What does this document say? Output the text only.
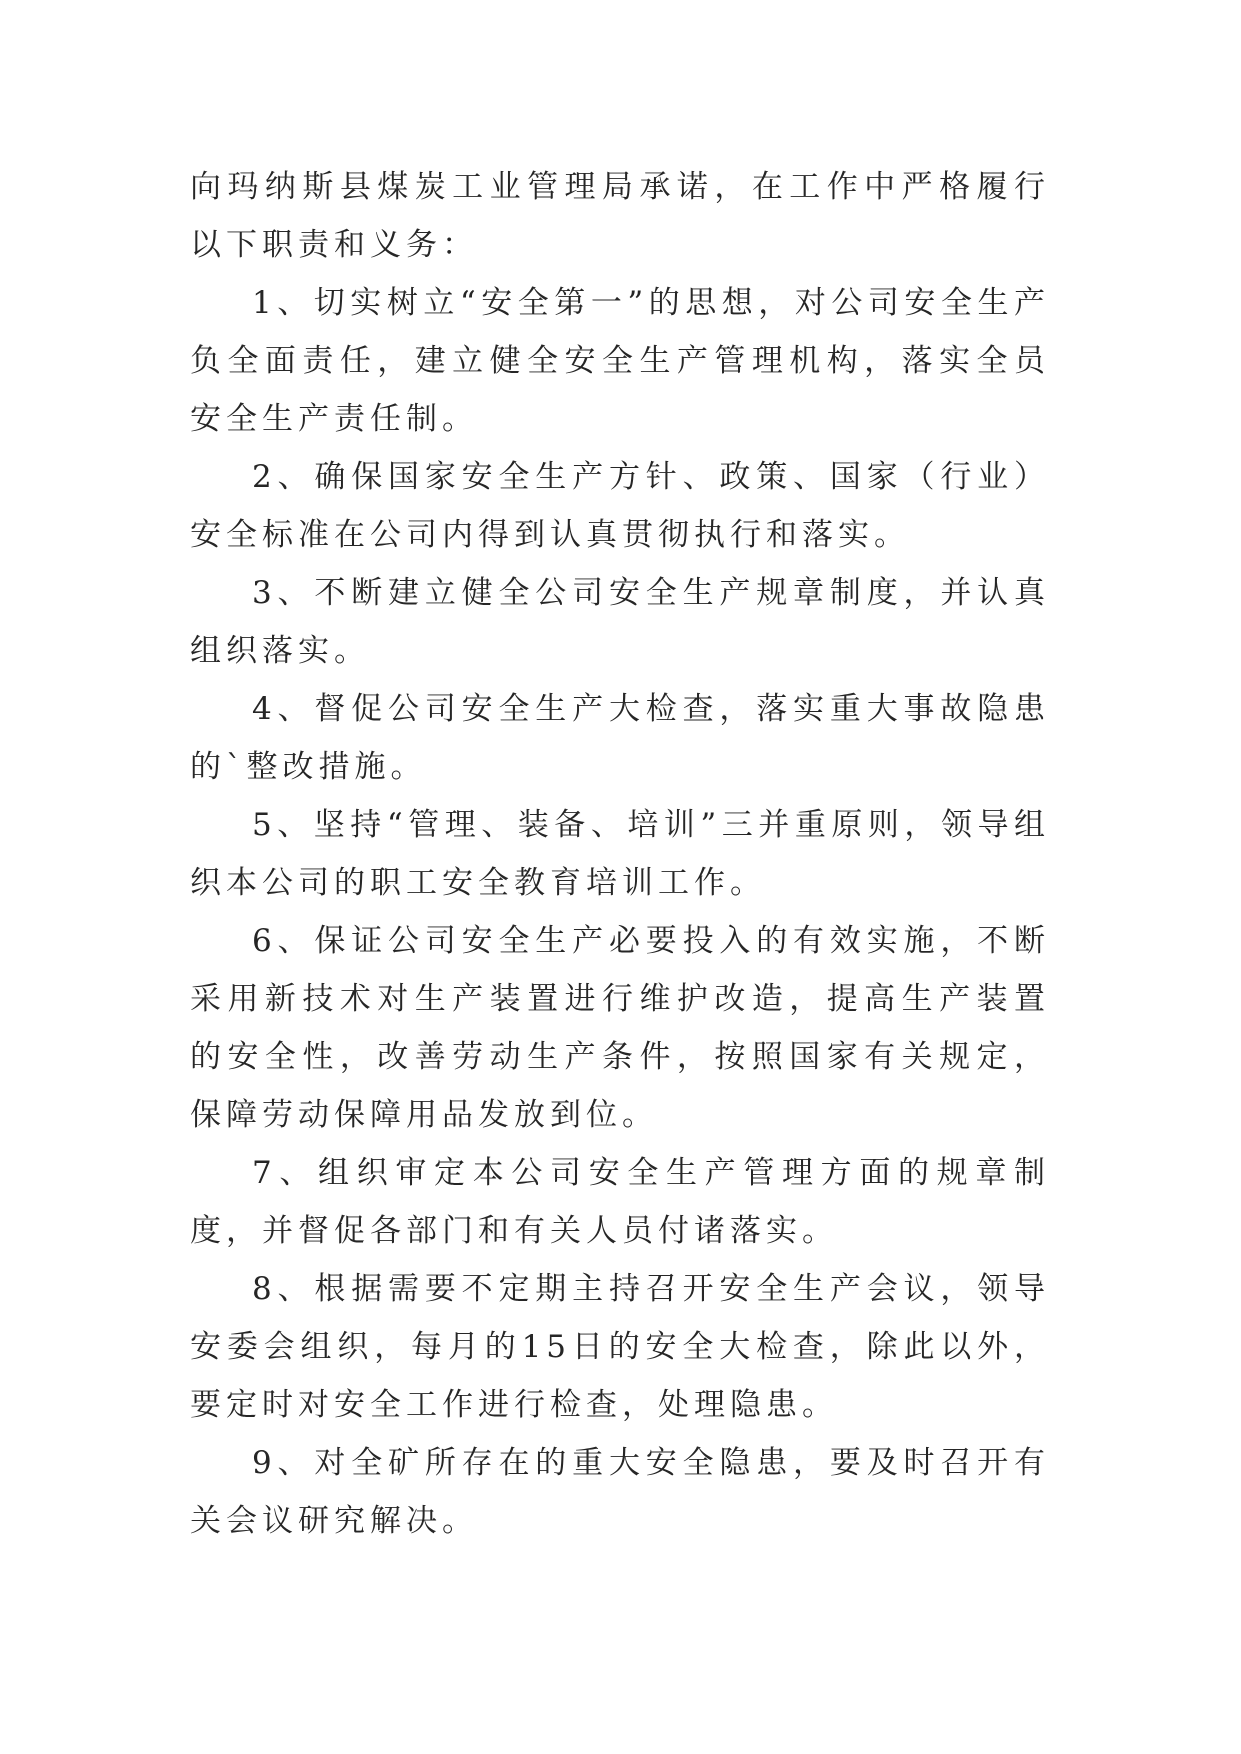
向玛纳斯县煤炭工业管理局承诺，在工作中严格履行以下职责和义务：

1、切实树立“安全第一”的思想，对公司安全生产负全面责任，建立健全安全生产管理机构，落实全员安全生产责任制。

2、确保国家安全生产方针、政策、国家（行业）安全标准在公司内得到认真贯彻执行和落实。

3、不断建立健全公司安全生产规章制度，并认真组织落实。

4、督促公司安全生产大检查，落实重大事故隐患的`整改措施。

5、坚持“管理、装备、培训”三并重原则，领导组织本公司的职工安全教育培训工作。

6、保证公司安全生产必要投入的有效实施，不断采用新技术对生产装置进行维护改造，提高生产装置的安全性，改善劳动生产条件，按照国家有关规定，保障劳动保障用品发放到位。

7、组织审定本公司安全生产管理方面的规章制度，并督促各部门和有关人员付诸落实。

8、根据需要不定期主持召开安全生产会议，领导安委会组织，每月的15日的安全大检查，除此以外，要定时对安全工作进行检查，处理隐患。

9、对全矿所存在的重大安全隐患，要及时召开有关会议研究解决。
